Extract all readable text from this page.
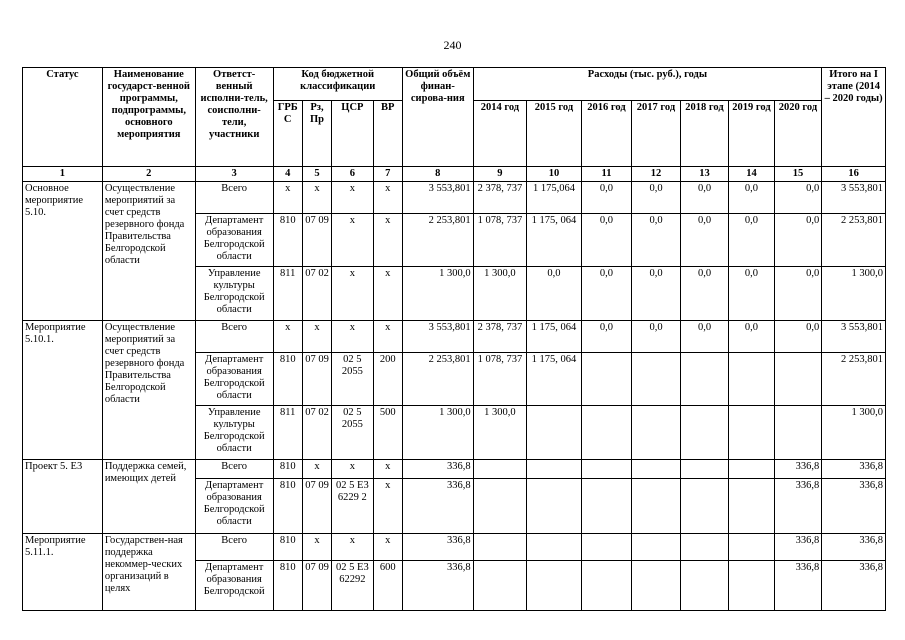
240
Статус	Наименование государст-венной программы, подпрограммы, основного мероприятия	Ответст-венный исполни-тель, соисполни-тели, участники	Код бюджетной классификации				Общий объём финан-сирова-ния	Расходы (тыс. руб.), годы							Итого на I этапе (2014 – 2020 годы)
			ГРБ С	Рз, Пр	ЦСР	ВР		2014 год	2015 год	2016 год	2017 год	2018 год	2019 год	2020 год	
1	2	3	4	5	6	7	8	9	10	11	12	13	14	15	16
Основное мероприятие 5.10.	Осуществление мероприятий за счет средств резервного фонда Правительства Белгородской области	Всего	х	х	х	х	3 553,801	2 378, 737	1 175,064	0,0	0,0	0,0	0,0	0,0	3 553,801
		Департамент образования Белгородской области	810	07 09	х	х	2 253,801	1 078, 737	1 175, 064	0,0	0,0	0,0	0,0	0,0	2 253,801
		Управление культуры Белгородской области	811	07 02	х	х	1 300,0	1 300,0	0,0	0,0	0,0	0,0	0,0	0,0	1 300,0
Мероприятие 5.10.1.	Осуществление мероприятий за счет средств резервного фонда Правительства Белгородской области	Всего	х	х	х	х	3 553,801	2 378, 737	1 175, 064	0,0	0,0	0,0	0,0	0,0	3 553,801
		Департамент образования Белгородской области	810	07 09	02 5 2055	200	2 253,801	1 078, 737	1 175, 064						2 253,801
		Управление культуры Белгородской области	811	07 02	02 5 2055	500	1 300,0	1 300,0							1 300,0
Проект 5. Е3	Поддержка семей, имеющих детей	Всего	810	х	х	х	336,8							336,8	336,8
		Департамент образования Белгородской области	810	07 09	02 5 Е3 6229 2	х	336,8							336,8	336,8
Мероприятие 5.11.1.	Государствен-ная поддержка некоммер-ческих организаций в целях	Всего	810	х	х	х	336,8							336,8	336,8
		Департамент образования Белгородской	810	07 09	02 5 Е3 62292	600	336,8							336,8	336,8
